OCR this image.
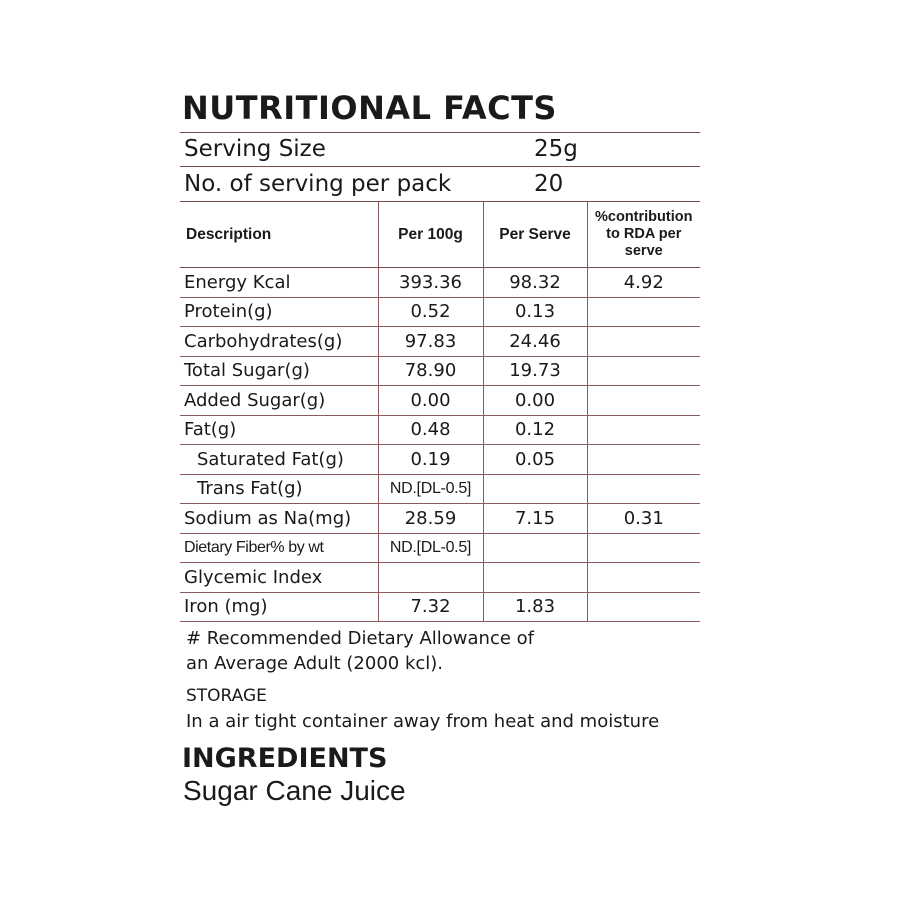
NUTRITIONAL FACTS
Serving Size	25g
No. of serving per pack	20
Description	Per 100g	Per Serve	%contribution to RDA per serve
Energy Kcal	393.36	98.32	4.92
Protein(g)	0.52	0.13	
Carbohydrates(g)	97.83	24.46	
Total Sugar(g)	78.90	19.73	
Added Sugar(g)	0.00	0.00	
Fat(g)	0.48	0.12	
Saturated Fat(g)	0.19	0.05	
Trans Fat(g)	ND.[DL-0.5]		
Sodium as Na(mg)	28.59	7.15	0.31
Dietary Fiber% by wt	ND.[DL-0.5]		
Glycemic Index			
Iron (mg)	7.32	1.83	
# Recommended Dietary Allowance of
an Average Adult (2000 kcl).
STORAGE
In a air tight container away from heat and moisture
INGREDIENTS
Sugar Cane Juice
